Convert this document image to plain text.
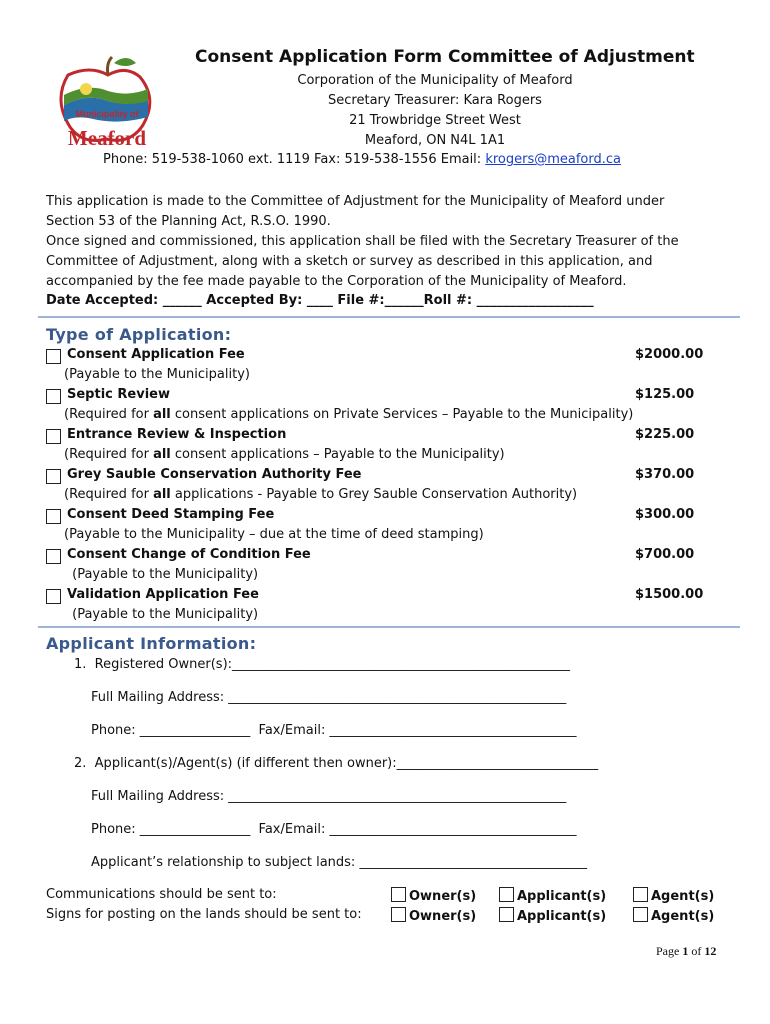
Municipality of
Meaford
Consent Application Form Committee of Adjustment
Corporation of the Municipality of Meaford
Secretary Treasurer: Kara Rogers
21 Trowbridge Street West
Meaford, ON N4L 1A1
Phone: 519-538-1060 ext. 1119 Fax: 519-538-1556 Email: krogers@meaford.ca
This application is made to the Committee of Adjustment for the Municipality of Meaford under
Section 53 of the Planning Act, R.S.O. 1990.
Once signed and commissioned, this application shall be filed with the Secretary Treasurer of the
Committee of Adjustment, along with a sketch or survey as described in this application, and
accompanied by the fee made payable to the Corporation of the Municipality of Meaford.
Date Accepted: ______ Accepted By: ____ File #:______Roll #: __________________
Type of Application:
Consent Application Fee	$2000.00
(Payable to the Municipality)
Septic Review	$125.00
(Required for all consent applications on Private Services – Payable to the Municipality)
Entrance Review & Inspection	$225.00
(Required for all consent applications – Payable to the Municipality)
Grey Sauble Conservation Authority Fee	$370.00
(Required for all applications - Payable to Grey Sauble Conservation Authority)
Consent Deed Stamping Fee	$300.00
(Payable to the Municipality – due at the time of deed stamping)
Consent Change of Condition Fee	$700.00
(Payable to the Municipality)
Validation Application Fee	$1500.00
(Payable to the Municipality)
Applicant Information:
1.  Registered Owner(s):____________________________________________________
Full Mailing Address: ____________________________________________________
Phone: _________________  Fax/Email: ______________________________________
2.  Applicant(s)/Agent(s) (if different then owner):_______________________________
Full Mailing Address: ____________________________________________________
Phone: _________________  Fax/Email: ______________________________________
Applicant’s relationship to subject lands: ___________________________________
Communications should be sent to:	Owner(s)	Applicant(s)	Agent(s)
Signs for posting on the lands should be sent to:	Owner(s)	Applicant(s)	Agent(s)
Page 1 of 12
